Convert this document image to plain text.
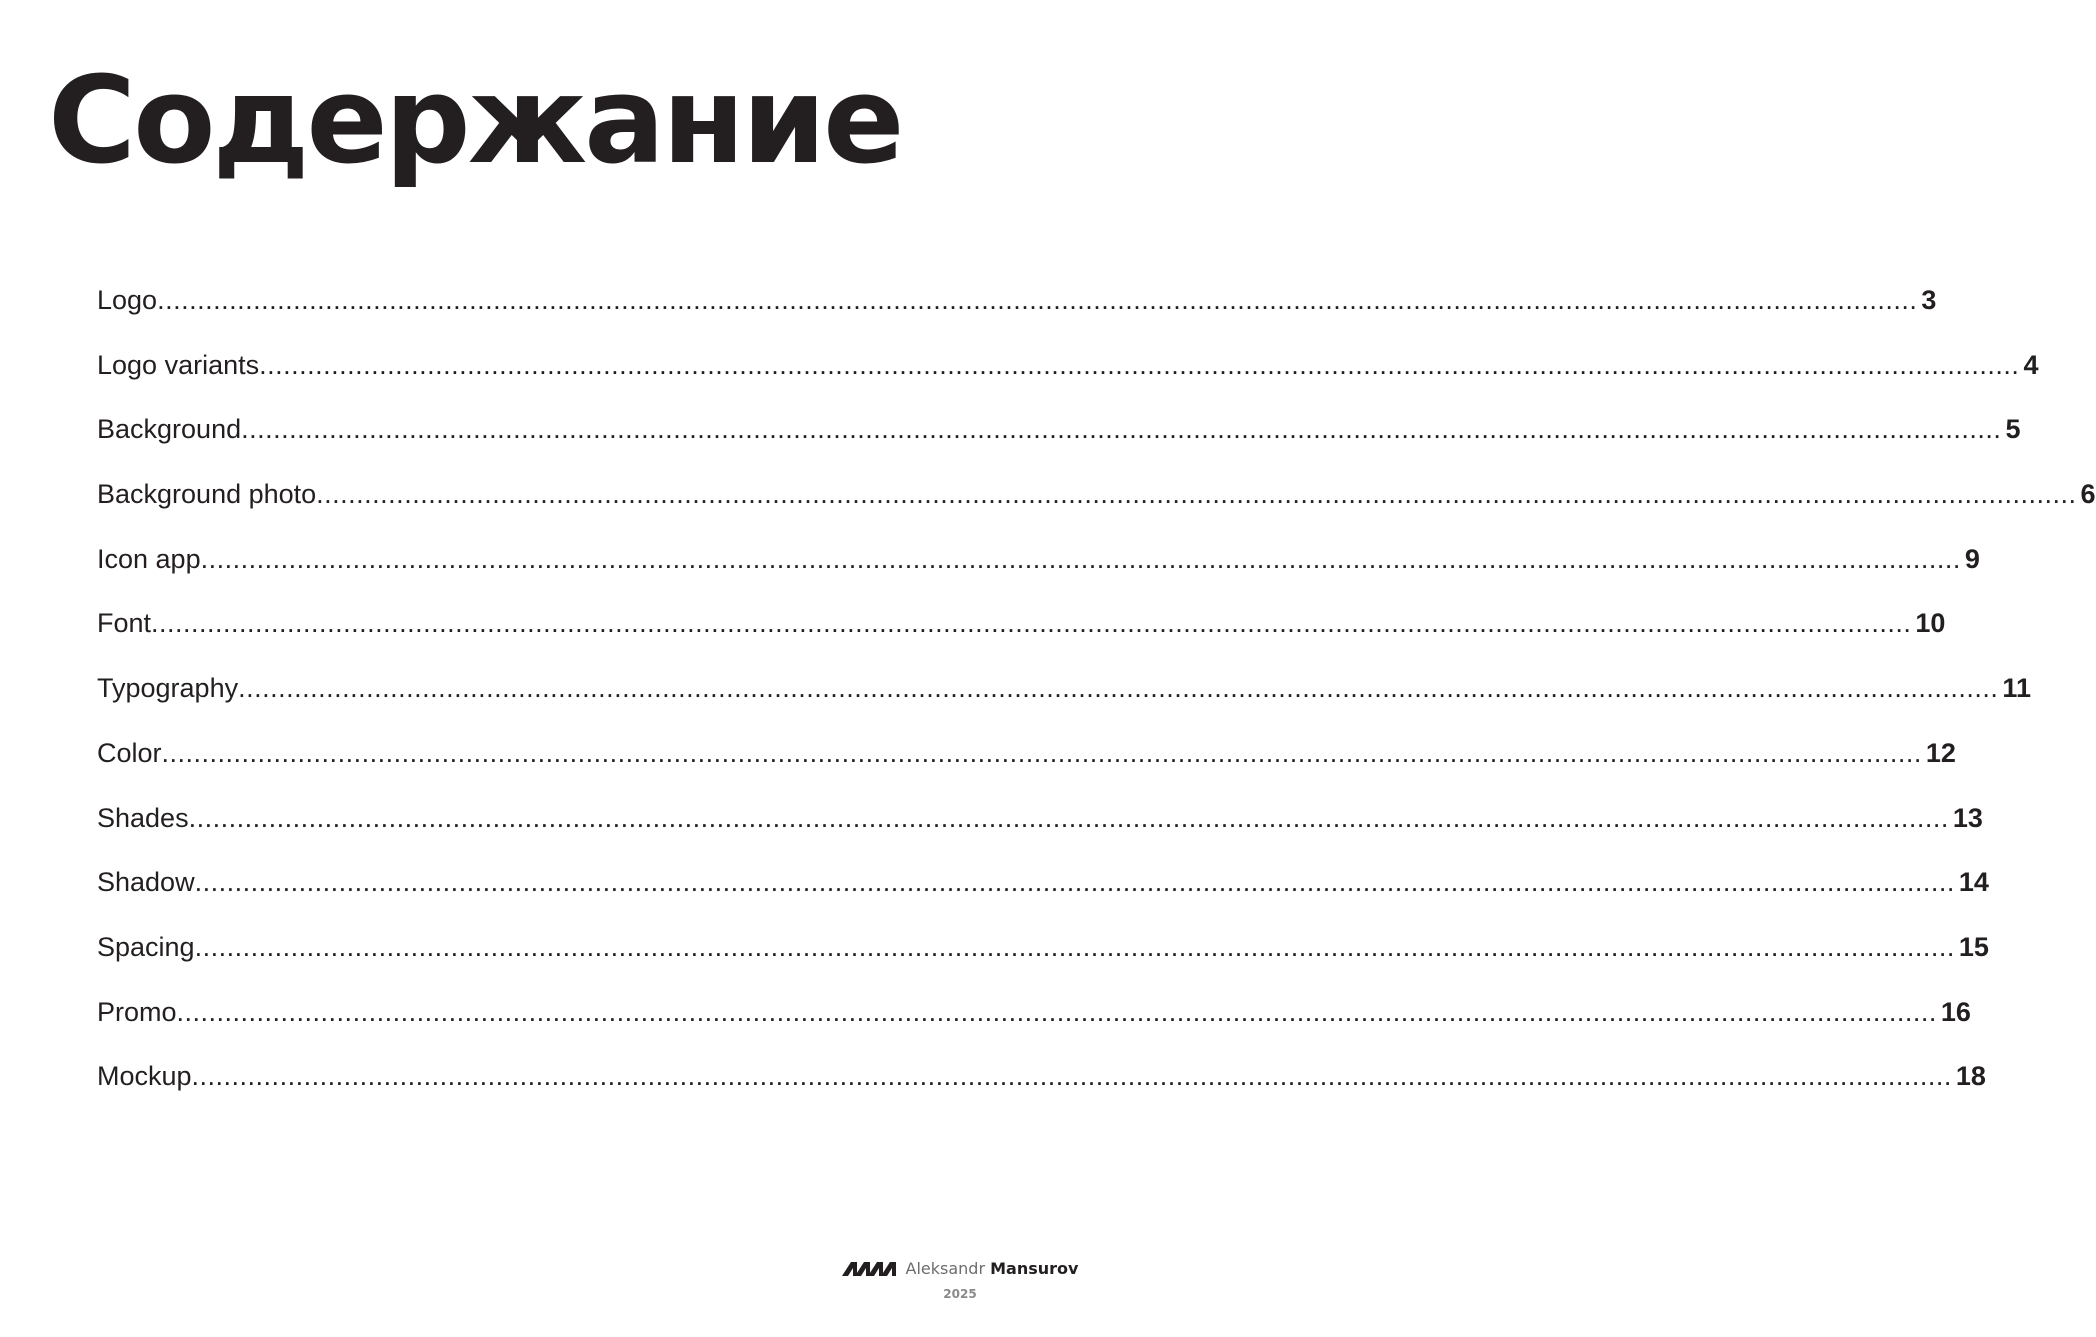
Содержание
Logo ............................................................................................................................................................................................................................ 3
Logo variants ............................................................................................................................................................................................................................ 4
Background ............................................................................................................................................................................................................................ 5
Background photo ............................................................................................................................................................................................................................ 6
Icon app ............................................................................................................................................................................................................................ 9
Font ............................................................................................................................................................................................................................ 10
Typography ............................................................................................................................................................................................................................ 11
Color ............................................................................................................................................................................................................................ 12
Shades ............................................................................................................................................................................................................................ 13
Shadow ............................................................................................................................................................................................................................ 14
Spacing ............................................................................................................................................................................................................................ 15
Promo ............................................................................................................................................................................................................................ 16
Mockup ............................................................................................................................................................................................................................ 18
Aleksandr Mansurov
2025
